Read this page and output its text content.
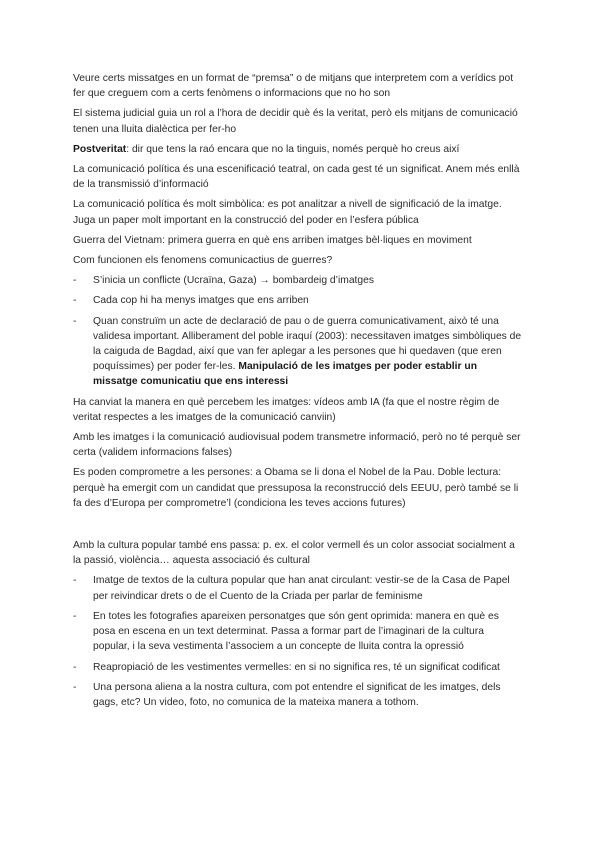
Veure certs missatges en un format de “premsa” o de mitjans que interpretem com a verídics pot fer que creguem com a certs fenòmens o informacions que no ho son

El sistema judicial guia un rol a l’hora de decidir què és la veritat, però els mitjans de comunicació tenen una lluita dialèctica per fer-ho

Postveritat: dir que tens la raó encara que no la tinguis, només perquè ho creus així

La comunicació política és una escenificació teatral, on cada gest té un significat. Anem més enllà de la transmissió d’informació

La comunicació política és molt simbòlica: es pot analitzar a nivell de significació de la imatge. Juga un paper molt important en la construcció del poder en l’esfera pública

Guerra del Vietnam: primera guerra en què ens arriben imatges bèl·liques en moviment

Com funcionen els fenomens comunicactius de guerres?

-	S’inicia un conflicte (Ucraïna, Gaza) → bombardeig d’imatges
-	Cada cop hi ha menys imatges que ens arriben
-	Quan construïm un acte de declaració de pau o de guerra comunicativament, això té una validesa important. Alliberament del poble iraquí (2003): necessitaven imatges simbòliques de la caiguda de Bagdad, així que van fer aplegar a les persones que hi quedaven (que eren poquíssimes) per poder fer-les. Manipulació de les imatges per poder establir un missatge comunicatiu que ens interessi

Ha canviat la manera en què percebem les imatges: vídeos amb IA (fa que el nostre règim de veritat respectes a les imatges de la comunicació canviin)

Amb les imatges i la comunicació audiovisual podem transmetre informació, però no té perquè ser certa (validem informacions falses)

Es poden comprometre a les persones: a Obama se li dona el Nobel de la Pau. Doble lectura: perquè ha emergit com un candidat que pressuposa la reconstrucció dels EEUU, però també se li fa des d’Europa per comprometre’l (condiciona les teves accions futures)

Amb la cultura popular també ens passa: p. ex. el color vermell és un color associat socialment a la passió, violència… aquesta associació és cultural

-	Imatge de textos de la cultura popular que han anat circulant: vestir-se de la Casa de Papel per reivindicar drets o de el Cuento de la Criada per parlar de feminisme
-	En totes les fotografies apareixen personatges que són gent oprimida: manera en què es posa en escena en un text determinat. Passa a formar part de l’imaginari de la cultura popular, i la seva vestimenta l’associem a un concepte de lluita contra la opressió
-	Reapropiació de les vestimentes vermelles: en si no significa res, té un significat codificat
-	Una persona aliena a la nostra cultura, com pot entendre el significat de les imatges, dels gags, etc? Un video, foto, no comunica de la mateixa manera a tothom.
